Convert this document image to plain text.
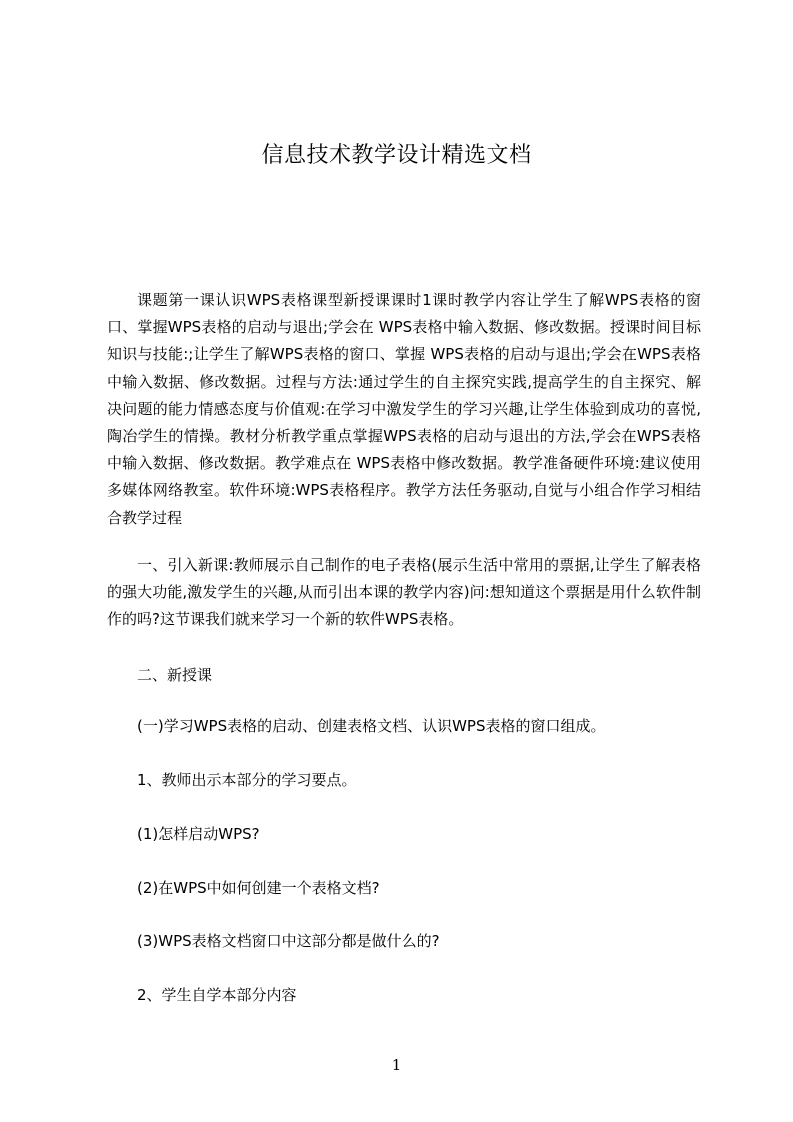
信息技术教学设计精选文档
课题第一课认识WPS表格课型新授课课时1课时教学内容让学生了解WPS表格的窗口、掌握WPS表格的启动与退出;学会在 WPS表格中输入数据、修改数据。授课时间目标知识与技能:;让学生了解WPS表格的窗口、掌握 WPS表格的启动与退出;学会在WPS表格中输入数据、修改数据。过程与方法:通过学生的自主探究实践,提高学生的自主探究、解决问题的能力情感态度与价值观:在学习中激发学生的学习兴趣,让学生体验到成功的喜悦,陶冶学生的情操。教材分析教学重点掌握WPS表格的启动与退出的方法,学会在WPS表格中输入数据、修改数据。教学难点在 WPS表格中修改数据。教学准备硬件环境:建议使用多媒体网络教室。软件环境:WPS表格程序。教学方法任务驱动,自觉与小组合作学习相结合教学过程
一、引入新课:教师展示自己制作的电子表格(展示生活中常用的票据,让学生了解表格的强大功能,激发学生的兴趣,从而引出本课的教学内容)问:想知道这个票据是用什么软件制作的吗?这节课我们就来学习一个新的软件WPS表格。
二、新授课
(一)学习WPS表格的启动、创建表格文档、认识WPS表格的窗口组成。
1、教师出示本部分的学习要点。
(1)怎样启动WPS?
(2)在WPS中如何创建一个表格文档?
(3)WPS表格文档窗口中这部分都是做什么的?
2、学生自学本部分内容
1
